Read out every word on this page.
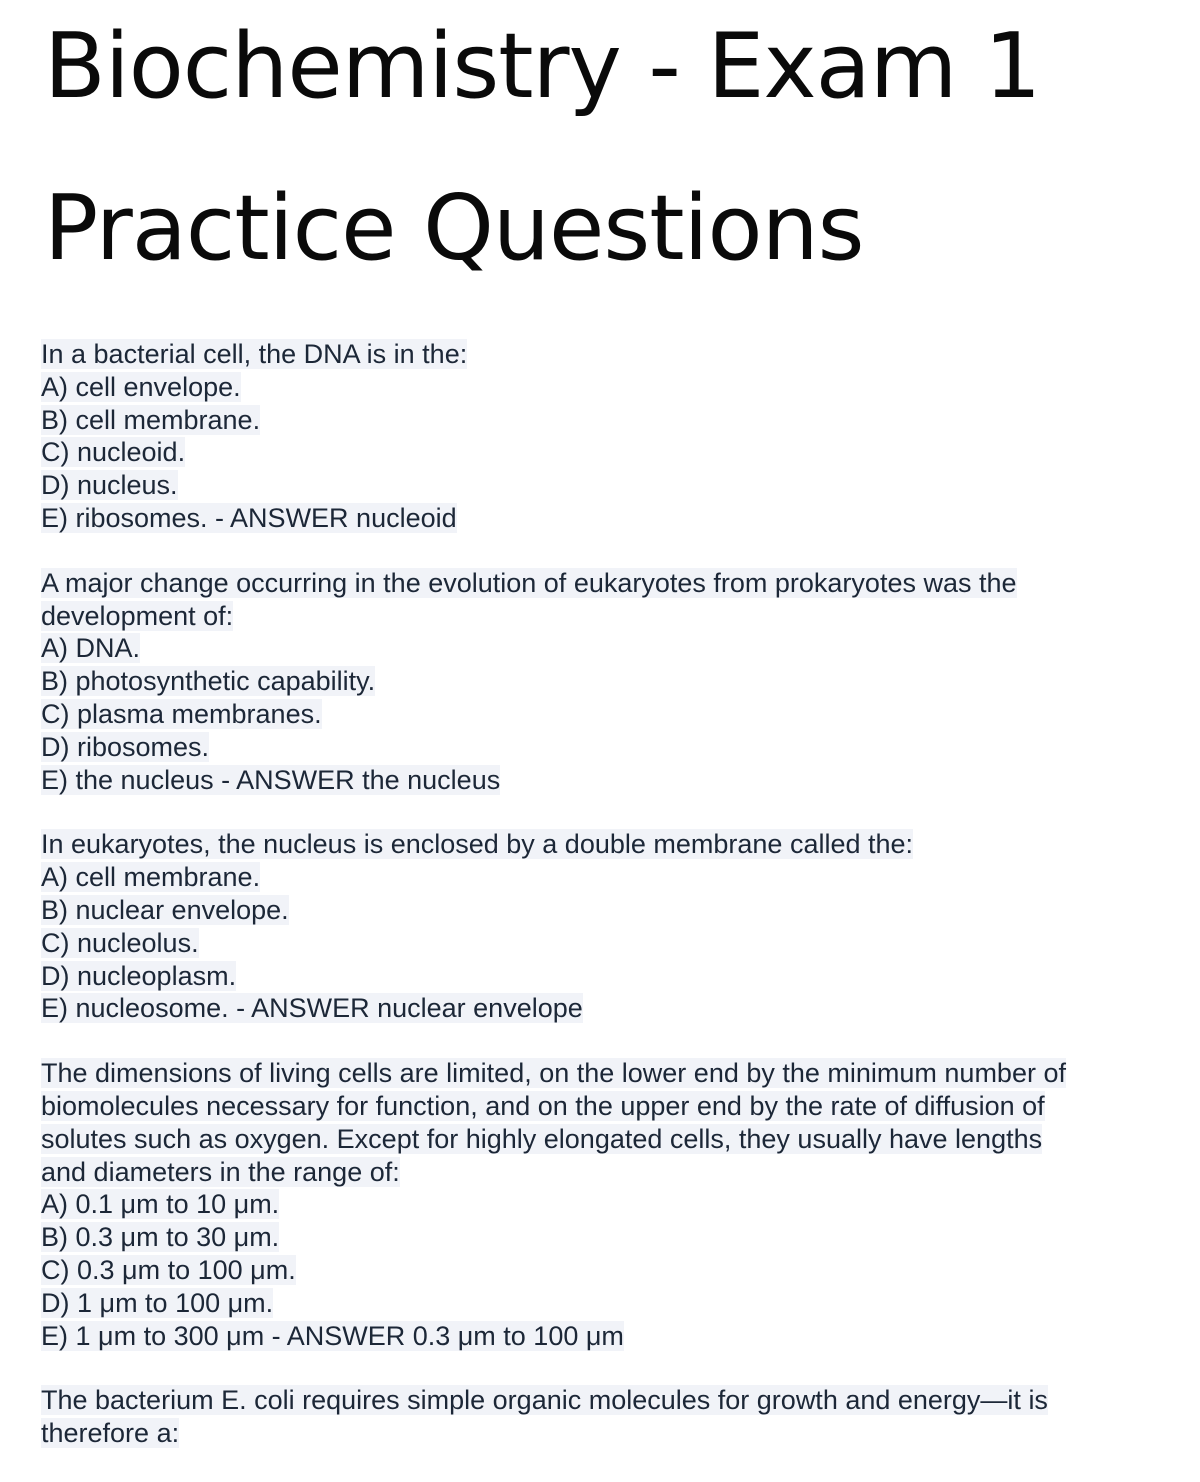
Biochemistry - Exam 1
Practice Questions
In a bacterial cell, the DNA is in the:
A) cell envelope.
B) cell membrane.
C) nucleoid.
D) nucleus.
E) ribosomes. - ANSWER nucleoid
A major change occurring in the evolution of eukaryotes from prokaryotes was the
development of:
A) DNA.
B) photosynthetic capability.
C) plasma membranes.
D) ribosomes.
E) the nucleus - ANSWER the nucleus
In eukaryotes, the nucleus is enclosed by a double membrane called the:
A) cell membrane.
B) nuclear envelope.
C) nucleolus.
D) nucleoplasm.
E) nucleosome. - ANSWER nuclear envelope
The dimensions of living cells are limited, on the lower end by the minimum number of
biomolecules necessary for function, and on the upper end by the rate of diffusion of
solutes such as oxygen. Except for highly elongated cells, they usually have lengths
and diameters in the range of:
A) 0.1 μm to 10 μm.
B) 0.3 μm to 30 μm.
C) 0.3 μm to 100 μm.
D) 1 μm to 100 μm.
E) 1 μm to 300 μm - ANSWER 0.3 μm to 100 μm
The bacterium E. coli requires simple organic molecules for growth and energy—it is
therefore a:
